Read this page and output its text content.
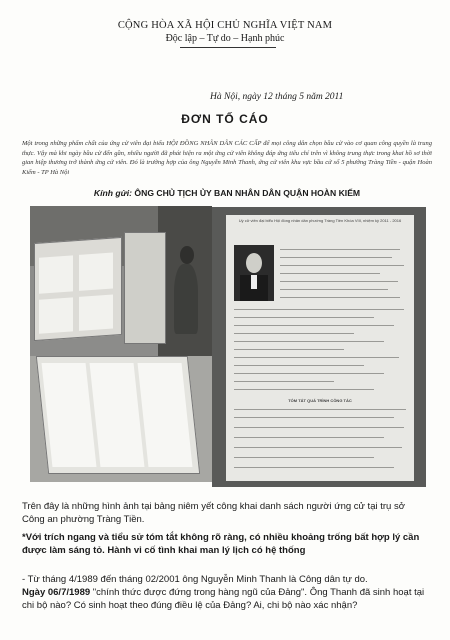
CỘNG HÒA XÃ HỘI CHỦ NGHĨA VIỆT NAM
Độc lập – Tự do – Hạnh phúc
Hà Nội, ngày 12 tháng 5 năm 2011
ĐƠN TỐ CÁO
Một trong những phẩm chất của ứng cử viên đại biểu HỘI ĐỒNG NHÂN DÂN CÁC CẤP để mọi công dân chọn bầu cử vào cơ quan công quyền là trung thực. Vậy mà khi ngày bầu cử đến gần, nhiều người đã phát hiện ra một ứng cử viên không đáp ứng tiêu chí trên vì không trung thực trong khai hồ sơ thời gian hiệp thương trở thành ứng cử viên. Đó là trường hợp của ông Nguyễn Minh Thanh, ứng cử viên khu vực bầu cử số 5 phường Tràng Tiền - quận Hoàn Kiếm - TP Hà Nội
Kính gửi: ÔNG CHỦ TỊCH ỦY BAN NHÂN DÂN QUẬN HOÀN KIẾM
Uỷ cử viên đại biểu Hội đồng nhân dân phường Tràng Tiền Khóa VIII, nhiệm kỳ 2011 - 2016
TÓM TẮT QUÁ TRÌNH CÔNG TÁC
Trên đây là những hình ảnh tại bảng niêm yết công khai danh sách người ứng cử tại trụ sở Công an phường Tràng Tiền.
*Với trích ngang và tiểu sử tóm tắt không rõ ràng, có nhiều khoảng trống bất hợp lý cần được làm sáng tỏ. Hành vi cố tình khai man lý lịch có hệ thống
- Từ tháng 4/1989 đến tháng 02/2001 ông Nguyễn Minh Thanh là Công dân tự do.
Ngày 06/7/1989 "chính thức được đứng trong hàng ngũ của Đảng". Ông Thanh đã sinh hoạt tại chi bộ nào? Có sinh hoạt theo đúng điều lệ của Đảng? Ai, chi bộ nào xác nhận?
